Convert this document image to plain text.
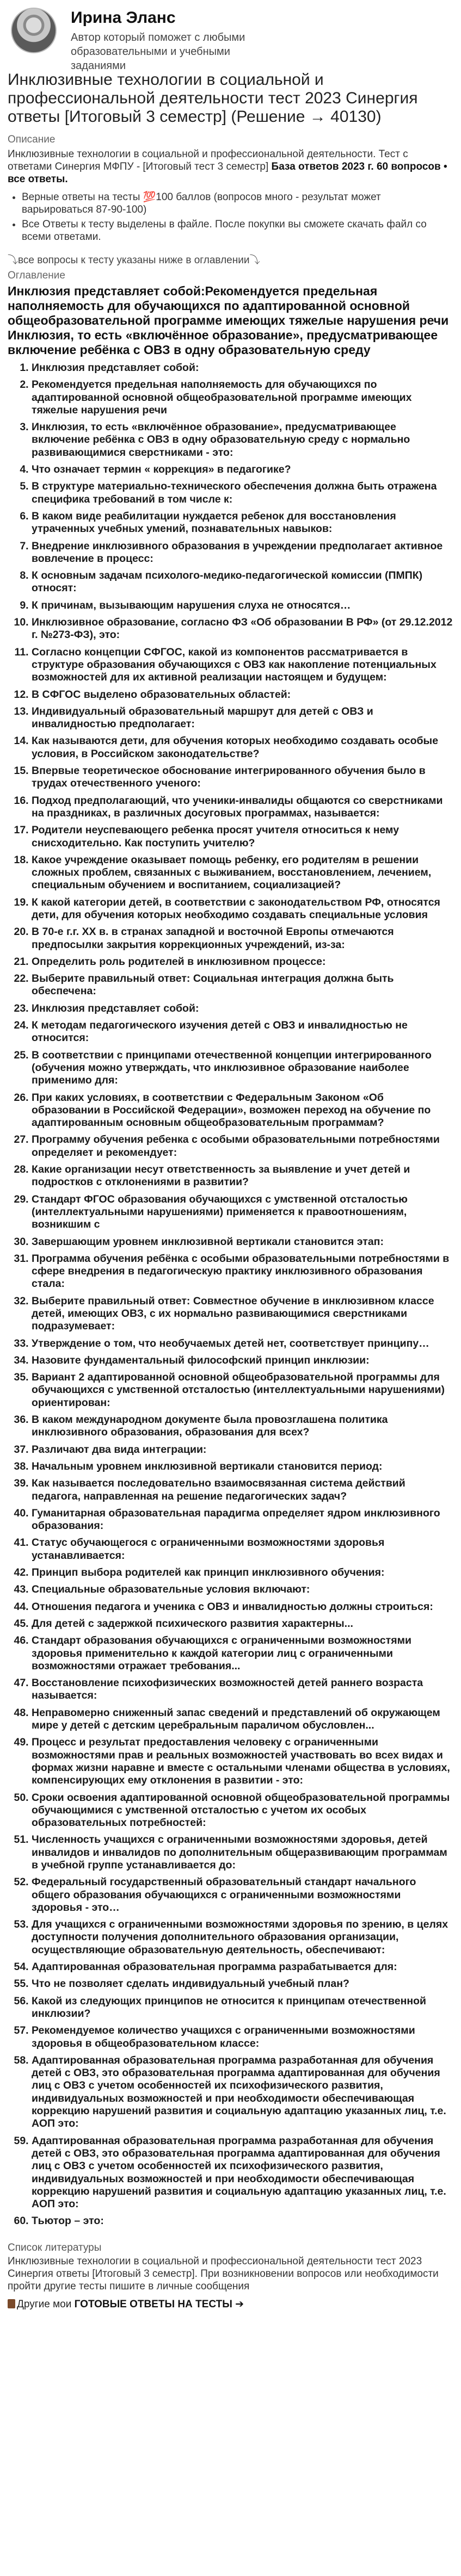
Ирина Эланс
Автор который поможет с любыми образовательными и учебными заданиями
Инклюзивные технологии в социальной и профессиональной деятельности тест 2023 Синергия ответы [Итоговый 3 семестр] (Решение → 40130)
Описание
Инклюзивные технологии в социальной и профессиональной деятельности. Тест с ответами Синергия МФПУ - [Итоговый тест 3 семестр] База ответов 2023 г. 60 вопросов • все ответы.
• Верные ответы на тесты 💯100 баллов (вопросов много - результат может варьироваться 87-90-100)
• Все Ответы к тесту выделены в файле. После покупки вы сможете скачать файл со всеми ответами.
⤵все вопросы к тесту указаны ниже в оглавлении⤵
Оглавление
Инклюзия представляет собой:Рекомендуется предельная наполняемость для обучающихся по адаптированной основной общеобразовательной программе имеющих тяжелые нарушения речи Инклюзия, то есть «включённое образование», предусматривающее включение ребёнка с ОВЗ в одну образовательную среду
1. Инклюзия представляет собой:
2. Рекомендуется предельная наполняемость для обучающихся по адаптированной основной общеобразовательной программе имеющих тяжелые нарушения речи
3. Инклюзия, то есть «включённое образование», предусматривающее включение ребёнка с ОВЗ в одну образовательную среду с нормально развивающимися сверстниками - это:
4. Что означает термин « коррекция» в педагогике?
5. В структуре материально-технического обеспечения должна быть отражена специфика требований в том числе к:
6. В каком виде реабилитации нуждается ребенок для восстановления утраченных учебных умений, познавательных навыков:
7. Внедрение инклюзивного образования в учреждении предполагает активное вовлечение в процесс:
8. К основным задачам психолого-медико-педагогической комиссии (ПМПК) относят:
9. К причинам, вызывающим нарушения слуха не относятся…
10. Инклюзивное образование, согласно ФЗ «Об образовании В РФ» (от 29.12.2012 г. №273-ФЗ), это:
11. Согласно концепции СФГОС, какой из компонентов рассматривается в структуре образования обучающихся с ОВЗ как накопление потенциальных возможностей для их активной реализации настоящем и будущем:
12. В СФГОС выделено образовательных областей:
13. Индивидуальный образовательный маршрут для детей с ОВЗ и инвалидностью предполагает:
14. Как называются дети, для обучения которых необходимо создавать особые условия, в Российском законодательстве?
15. Впервые теоретическое обоснование интегрированного обучения было в трудах отечественного ученого:
16. Подход предполагающий, что ученики-инвалиды общаются со сверстниками на праздниках, в различных досуговых программах, называется:
17. Родители неуспевающего ребенка просят учителя относиться к нему снисходительно. Как поступить учителю?
18. Какое учреждение оказывает помощь ребенку, его родителям в решении сложных проблем, связанных с выживанием, восстановлением, лечением, специальным обучением и воспитанием, социализацией?
19. К какой категории детей, в соответствии с законодательством РФ, относятся дети, для обучения которых необходимо создавать специальные условия
20. В 70-е г.г. XX в. в странах западной и восточной Европы отмечаются предпосылки закрытия коррекционных учреждений, из-за:
21. Определить роль родителей в инклюзивном процессе:
22. Выберите правильный ответ: Социальная интеграция должна быть обеспечена:
23. Инклюзия представляет собой:
24. К методам педагогического изучения детей с ОВЗ и инвалидностью не относится:
25. В соответствии с принципами отечественной концепции интегрированного (обучения можно утверждать, что инклюзивное образование наиболее применимо для:
26. При каких условиях, в соответствии с Федеральным Законом «Об образовании в Российской Федерации», возможен переход на обучение по адаптированным основным общеобразовательным программам?
27. Программу обучения ребенка с особыми образовательными потребностями определяет и рекомендует:
28. Какие организации несут ответственность за выявление и учет детей и подростков с отклонениями в развитии?
29. Стандарт ФГОС образования обучающихся с умственной отсталостью (интеллектуальными нарушениями) применяется к правоотношениям, возникшим с
30. Завершающим уровнем инклюзивной вертикали становится этап:
31. Программа обучения ребёнка с особыми образовательными потребностями в сфере внедрения в педагогическую практику инклюзивного образования стала:
32. Выберите правильный ответ: Совместное обучение в инклюзивном классе детей, имеющих ОВЗ, с их нормально развивающимися сверстниками подразумевает:
33. Утверждение о том, что необучаемых детей нет, соответствует принципу…
34. Назовите фундаментальный философский принцип инклюзии:
35. Вариант 2 адаптированной основной общеобразовательной программы для обучающихся с умственной отсталостью (интеллектуальными нарушениями) ориентирован:
36. В каком международном документе была провозглашена политика инклюзивного образования, образования для всех?
37. Различают два вида интеграции:
38. Начальным уровнем инклюзивной вертикали становится период:
39. Как называется последовательно взаимосвязанная система действий педагога, направленная на решение педагогических задач?
40. Гуманитарная образовательная парадигма определяет ядром инклюзивного образования:
41. Статус обучающегося с ограниченными возможностями здоровья устанавливается:
42. Принцип выбора родителей как принцип инклюзивного обучения:
43. Специальные образовательные условия включают:
44. Отношения педагога и ученика с ОВЗ и инвалидностью должны строиться:
45. Для детей с задержкой психического развития характерны...
46. Стандарт образования обучающихся с ограниченными возможностями здоровья применительно к каждой категории лиц с ограниченными возможностями отражает требования...
47. Восстановление психофизических возможностей детей раннего возраста называется:
48. Неправомерно сниженный запас сведений и представлений об окружающем мире у детей с детским церебральным параличом обусловлен...
49. Процесс и результат предоставления человеку с ограниченными возможностями прав и реальных возможностей участвовать во всех видах и формах жизни наравне и вместе с остальными членами общества в условиях, компенсирующих ему отклонения в развитии - это:
50. Сроки освоения адаптированной основной общеобразовательной программы обучающимися с умственной отсталостью с учетом их особых образовательных потребностей:
51. Численность учащихся с ограниченными возможностями здоровья, детей инвалидов и инвалидов по дополнительным общеразвивающим программам в учебной группе устанавливается до:
52. Федеральный государственный образовательный стандарт начального общего образования обучающихся с ограниченными возможностями здоровья - это…
53. Для учащихся с ограниченными возможностями здоровья по зрению, в целях доступности получения дополнительного образования организации, осуществляющие образовательную деятельность, обеспечивают:
54. Адаптированная образовательная программа разрабатывается для:
55. Что не позволяет сделать индивидуальный учебный план?
56. Какой из следующих принципов не относится к принципам отечественной инклюзии?
57. Рекомендуемое количество учащихся с ограниченными возможностями здоровья в общеобразовательном классе:
58. Адаптированная образовательная программа разработанная для обучения детей с ОВЗ, это образовательная программа адаптированная для обучения лиц с ОВЗ с учетом особенностей их психофизического развития, индивидуальных возможностей и при необходимости обеспечивающая коррекцию нарушений развития и социальную адаптацию указанных лиц, т.е. АОП это:
59. Адаптированная образовательная программа разработанная для обучения детей с ОВЗ, это образовательная программа адаптированная для обучения лиц с ОВЗ с учетом особенностей их психофизического развития, индивидуальных возможностей и при необходимости обеспечивающая коррекцию нарушений развития и социальную адаптацию указанных лиц, т.е. АОП это:
60. Тьютор – это:
Список литературы
Инклюзивные технологии в социальной и профессиональной деятельности тест 2023 Синергия ответы [Итоговый 3 семестр]. При возникновении вопросов или необходимости пройти другие тесты пишите в личные сообщения
Другие мои ГОТОВЫЕ ОТВЕТЫ НА ТЕСТЫ ➔
